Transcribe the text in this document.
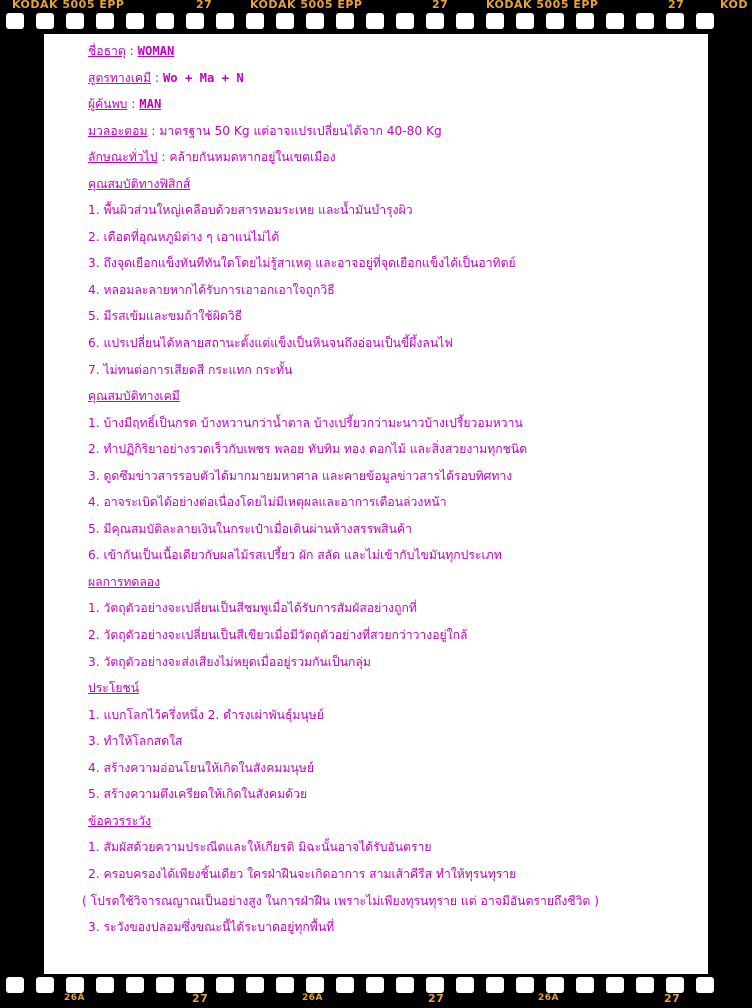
KODAK 5005 EPP	27	KODAK 5005 EPP	27	KODAK 5005 EPP	27	KOD
ชื่อธาตุ : WOMAN
สูตรทางเคมี : Wo + Ma + N
ผู้ค้นพบ : MAN
มวลอะตอม : มาตรฐาน 50 Kg แต่อาจแปรเปลี่ยนได้จาก 40-80 Kg
ลักษณะทั่วไป : คล้ายกันหมดหากอยู่ในเขตเมือง
คุณสมบัติทางฟิสิกส์
1. พื้นผิวส่วนใหญ่เคลือบด้วยสารหอมระเหย และน้ำมันบำรุงผิว
2. เดือดที่อุณหภูมิต่าง ๆ เอาแน่ไม่ได้
3. ถึงจุดเยือกแข็งทันทีทันใดโดยไม่รู้สาเหตุ และอาจอยู่ที่จุดเยือกแข็งได้เป็นอาทิตย์
4. หลอมละลายหากได้รับการเอาอกเอาใจถูกวิธี
5. มีรสเข้มและขมถ้าใช้ผิดวิธี
6. แปรเปลี่ยนได้หลายสถานะตั้งแต่แข็งเป็นหินจนถึงอ่อนเป็นขี้ผึ้งลนไฟ
7. ไม่ทนต่อการเสียดสี กระแทก กระทั้น
คุณสมบัติทางเคมี
1. บ้างมีฤทธิ์เป็นกรด บ้างหวานกว่าน้ำตาล บ้างเปรี้ยวกว่ามะนาวบ้างเปรี้ยวอมหวาน
2. ทำปฏิกิริยาอย่างรวดเร็วกับเพชร พลอย ทับทิม ทอง ดอกไม้ และสิ่งสวยงามทุกชนิด
3. ดูดซึมข่าวสารรอบตัวได้มากมายมหาศาล และคายข้อมูลข่าวสารได้รอบทิศทาง
4. อาจระเบิดได้อย่างต่อเนื่องโดยไม่มีเหตุผลและอาการเตือนล่วงหน้า
5. มีคุณสมบัติละลายเงินในกระเป๋าเมื่อเดินผ่านห้างสรรพสินค้า
6. เข้ากันเป็นเนื้อเดียวกับผลไม้รสเปรี้ยว ผัก สลัด และไม่เข้ากับไขมันทุกประเภท
ผลการทดลอง
1. วัตถุตัวอย่างจะเปลี่ยนเป็นสีชมพูเมื่อได้รับการสัมผัสอย่างถูกที่
2. วัตถุตัวอย่างจะเปลี่ยนเป็นสีเขียวเมื่อมีวัตถุตัวอย่างที่สวยกว่าวางอยู่ใกล้
3. วัตถุตัวอย่างจะส่งเสียงไม่หยุดเมื่ออยู่รวมกันเป็นกลุ่ม
ประโยชน์
1. แบกโลกไว้ครึ่งหนึ่ง 2. ดำรงเผ่าพันธุ์มนุษย์
3. ทำให้โลกสดใส
4. สร้างความอ่อนโยนให้เกิดในสังคมมนุษย์
5. สร้างความตึงเครียดให้เกิดในสังคมด้วย
ข้อควรระวัง
1. สัมผัสด้วยความประณีตและให้เกียรติ มิฉะนั้นอาจได้รับอันตราย
2. ครอบครองได้เพียงชิ้นเดียว ใครฝ่าฝืนจะเกิดอาการ สามเส้าคีรีส ทำให้ทุรนทุราย
( โปรดใช้วิจารณญาณเป็นอย่างสูง ในการฝ่าฝืน เพราะไม่เพียงทุรนทุราย แต่ อาจมีอันตรายถึงชีวิต )
3. ระวังของปลอมซึ่งขณะนี้ได้ระบาดอยู่ทุกพื้นที่
26A	27	26A	27	26A	27
